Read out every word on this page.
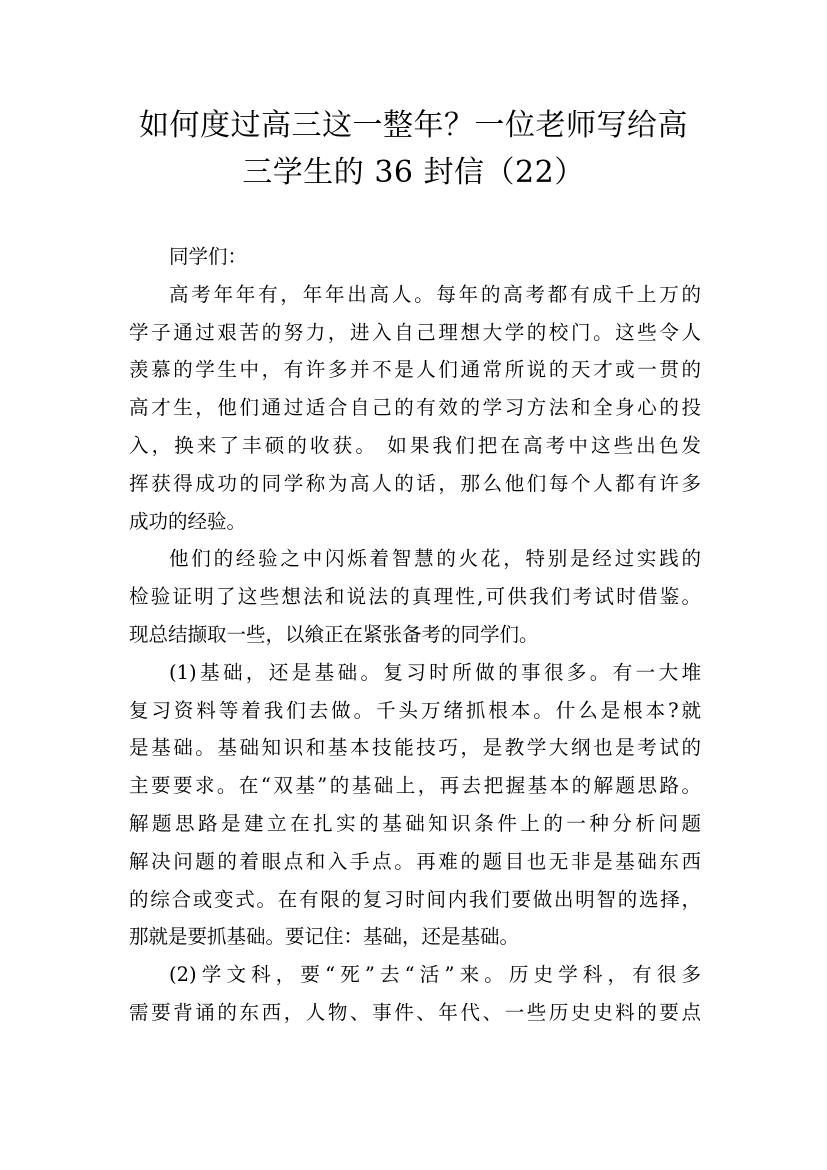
如何度过高三这一整年？一位老师写给高
三学生的 36 封信（22）
同学们：
高考年年有，年年出高人。每年的高考都有成千上万的
学子通过艰苦的努力，进入自己理想大学的校门。这些令人
羡慕的学生中，有许多并不是人们通常所说的天才或一贯的
高才生，他们通过适合自己的有效的学习方法和全身心的投
入，换来了丰硕的收获。 如果我们把在高考中这些出色发
挥获得成功的同学称为高人的话，那么他们每个人都有许多
成功的经验。
他们的经验之中闪烁着智慧的火花，特别是经过实践的
检验证明了这些想法和说法的真理性,可供我们考试时借鉴。
现总结撷取一些，以飨正在紧张备考的同学们。
(1)基础，还是基础。复习时所做的事很多。有一大堆
复习资料等着我们去做。千头万绪抓根本。什么是根本?就
是基础。基础知识和基本技能技巧，是教学大纲也是考试的
主要要求。在“双基”的基础上，再去把握基本的解题思路。
解题思路是建立在扎实的基础知识条件上的一种分析问题
解决问题的着眼点和入手点。再难的题目也无非是基础东西
的综合或变式。在有限的复习时间内我们要做出明智的选择，
那就是要抓基础。要记住：基础，还是基础。
(2)学文科，要“死”去“活”来。历史学科，有很多
需要背诵的东西，人物、事件、年代、一些历史史料的要点
